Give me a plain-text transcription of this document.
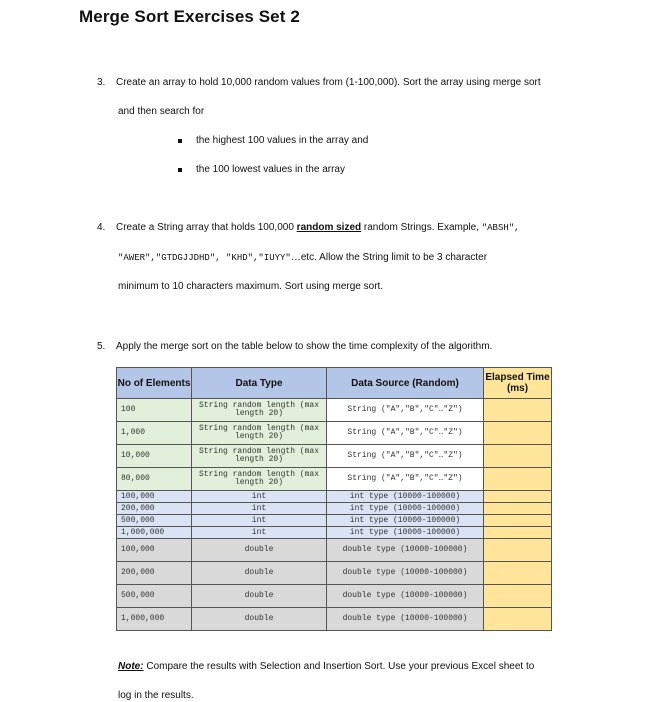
Merge Sort Exercises Set 2
3. Create an array to hold 10,000 random values from (1-100,000). Sort the array using merge sort
and then search for
the highest 100 values in the array and
the 100 lowest values in the array
4. Create a String array that holds 100,000 random sized random Strings. Example, "ABSH",
"AWER","GTDGJJDHD", "KHD","IUYY"…etc. Allow the String limit to be 3 character
minimum to 10 characters maximum. Sort using merge sort.
5. Apply the merge sort on the table below to show the time complexity of the algorithm.
No of Elements	Data Type	Data Source (Random)	Elapsed Time (ms)
100	String random length (max length 20)	String ("A","B","C"…"Z")	
1,000	String random length (max length 20)	String ("A","B","C"…"Z")	
10,000	String random length (max length 20)	String ("A","B","C"…"Z")	
80,000	String random length (max length 20)	String ("A","B","C"…"Z")	
100,000	int	int type (10000-100000)	
200,000	int	int type (10000-100000)	
500,000	int	int type (10000-100000)	
1,000,000	int	int type (10000-100000)	
100,000	double	double type (10000-100000)	
200,000	double	double type (10000-100000)	
500,000	double	double type (10000-100000)	
1,000,000	double	double type (10000-100000)	
Note: Compare the results with Selection and Insertion Sort. Use your previous Excel sheet to
log in the results.
